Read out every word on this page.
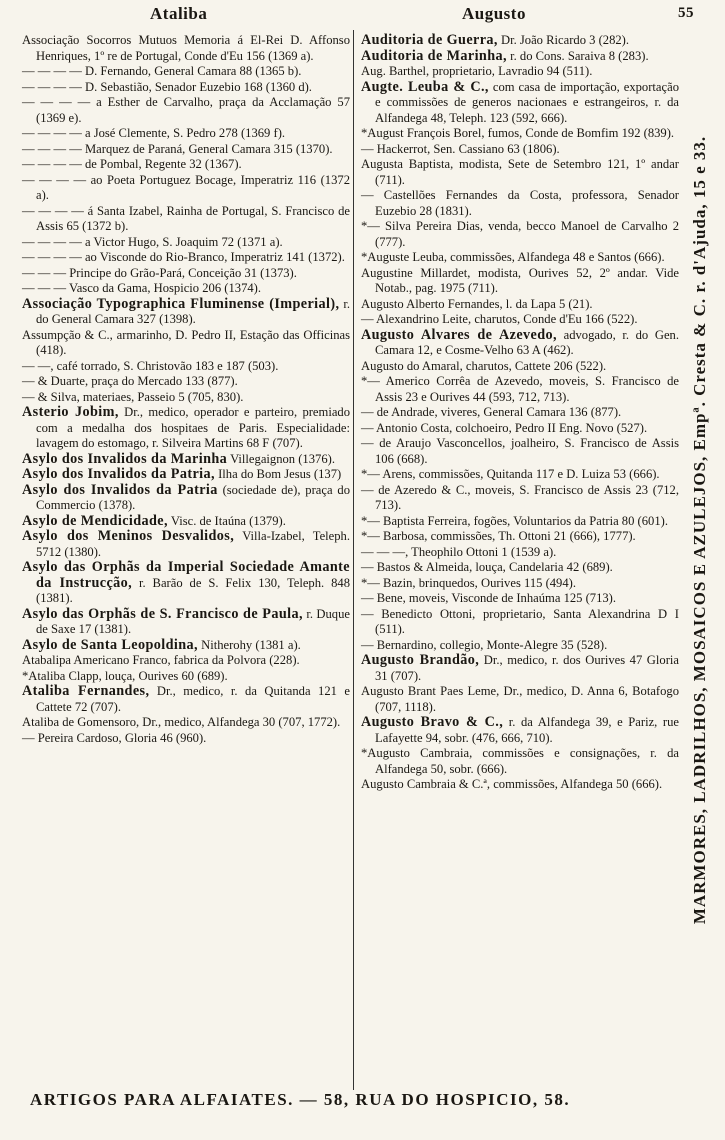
Ataliba	Augusto	55

Associação Socorros Mutuos Memoria á El-Rei D. Affonso Henriques, 1º re de Portugal, Conde d'Eu 156 (1369 a).

— — — — D. Fernando, General Camara 88 (1365 b).

— — — — D. Sebastião, Senador Euzebio 168 (1360 d).

— — — — a Esther de Carvalho, praça da Acclamação 57 (1369 e).

— — — — a José Clemente, S. Pedro 278 (1369 f).

— — — — Marquez de Paraná, General Camara 315 (1370).

— — — — de Pombal, Regente 32 (1367).

— — — — ao Poeta Portuguez Bocage, Imperatriz 116 (1372 a).

— — — — á Santa Izabel, Rainha de Portugal, S. Francisco de Assis 65 (1372 b).

— — — — a Victor Hugo, S. Joaquim 72 (1371 a).

— — — — ao Visconde do Rio-Branco, Imperatriz 141 (1372).

— — — Principe do Grão-Pará, Conceição 31 (1373).

— — — Vasco da Gama, Hospicio 206 (1374).

Associação Typographica Fluminense (Imperial), r. do General Camara 327 (1398).

Assumpção & C., armarinho, D. Pedro II, Estação das Officinas (418).

— —, café torrado, S. Christovão 183 e 187 (503).

— & Duarte, praça do Mercado 133 (877).

— & Silva, materiaes, Passeio 5 (705, 830).

Asterio Jobim, Dr., medico, operador e parteiro, premiado com a medalha dos hospitaes de Paris. Especialidade: lavagem do estomago, r. Silveira Martins 68 F (707).

Asylo dos Invalidos da Marinha Villegaignon (1376).

Asylo dos Invalidos da Patria, Ilha do Bom Jesus (137)

Asylo dos Invalidos da Patria (sociedade de), praça do Commercio (1378).

Asylo de Mendicidade, Visc. de Itaúna (1379).

Asylo dos Meninos Desvalidos, Villa-Izabel, Teleph. 5712 (1380).

Asylo das Orphãs da Imperial Sociedade Amante da Instrucção, r. Barão de S. Felix 130, Teleph. 848 (1381).

Asylo das Orphãs de S. Francisco de Paula, r. Duque de Saxe 17 (1381).

Asylo de Santa Leopoldina, Nitherohy (1381 a).

Atabalipa Americano Franco, fabrica da Polvora (228).

*Ataliba Clapp, louça, Ourives 60 (689).

Ataliba Fernandes, Dr., medico, r. da Quitanda 121 e Cattete 72 (707).

Ataliba de Gomensoro, Dr., medico, Alfandega 30 (707, 1772).

— Pereira Cardoso, Gloria 46 (960).

Auditoria de Guerra, Dr. João Ricardo 3 (282).

Auditoria de Marinha, r. do Cons. Saraiva 8 (283).

Aug. Barthel, proprietario, Lavradio 94 (511).

Augte. Leuba & C., com casa de importação, exportação e commissões de generos nacionaes e estrangeiros, r. da Alfandega 48, Teleph. 123 (592, 666).

*August François Borel, fumos, Conde de Bomfim 192 (839).

— Hackerrot, Sen. Cassiano 63 (1806).

Augusta Baptista, modista, Sete de Setembro 121, 1º andar (711).

— Castellões Fernandes da Costa, professora, Senador Euzebio 28 (1831).

*— Silva Pereira Dias, venda, becco Manoel de Carvalho 2 (777).

*Auguste Leuba, commissões, Alfandega 48 e Santos (666).

Augustine Millardet, modista, Ourives 52, 2º andar. Vide Notab., pag. 1975 (711).

Augusto Alberto Fernandes, l. da Lapa 5 (21).

— Alexandrino Leite, charutos, Conde d'Eu 166 (522).

Augusto Alvares de Azevedo, advogado, r. do Gen. Camara 12, e Cosme-Velho 63 A (462).

Augusto do Amaral, charutos, Cattete 206 (522).

*— Americo Corrêa de Azevedo, moveis, S. Francisco de Assis 23 e Ourives 44 (593, 712, 713).

— de Andrade, viveres, General Camara 136 (877).

— Antonio Costa, colchoeiro, Pedro II Eng. Novo (527).

— de Araujo Vasconcellos, joalheiro, S. Francisco de Assis 106 (668).

*— Arens, commissões, Quitanda 117 e D. Luiza 53 (666).

— de Azeredo & C., moveis, S. Francisco de Assis 23 (712, 713).

*— Baptista Ferreira, fogões, Voluntarios da Patria 80 (601).

*— Barbosa, commissões, Th. Ottoni 21 (666), 1777).

— — —, Theophilo Ottoni 1 (1539 a).

— Bastos & Almeida, louça, Candelaria 42 (689).

*— Bazin, brinquedos, Ourives 115 (494).

— Bene, moveis, Visconde de Inhaúma 125 (713).

— Benedicto Ottoni, proprietario, Santa Alexandrina D I (511).

— Bernardino, collegio, Monte-Alegre 35 (528).

Augusto Brandão, Dr., medico, r. dos Ourives 47 Gloria 31 (707).

Augusto Brant Paes Leme, Dr., medico, D. Anna 6, Botafogo (707, 1118).

Augusto Bravo & C., r. da Alfandega 39, e Pariz, rue Lafayette 94, sobr. (476, 666, 710).

*Augusto Cambraia, commissões e consignações, r. da Alfandega 50, sobr. (666).

Augusto Cambraia & C.ª, commissões, Alfandega 50 (666).	MARMORES, LADRILHOS, MOSAICOS E AZULEJOS, Empª. Cresta & C. r. d'Ajuda, 15 e 33.
ARTIGOS PARA ALFAIATES. — 58, RUA DO HOSPICIO, 58.
